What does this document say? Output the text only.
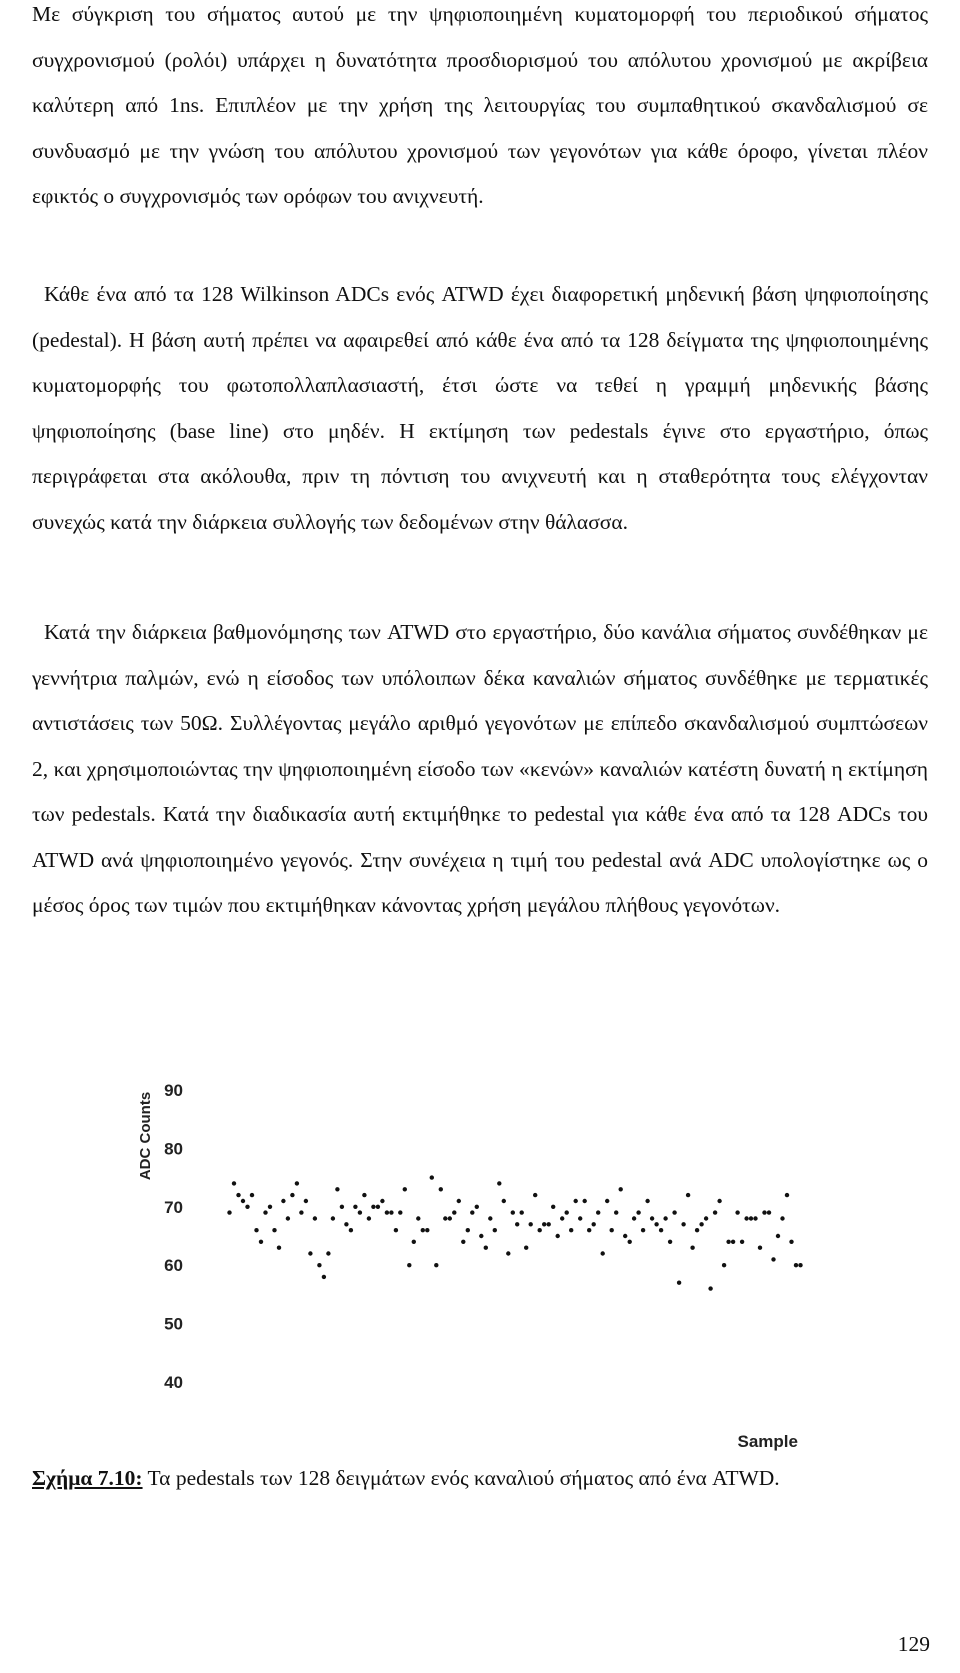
Με σύγκριση του σήματος αυτού με την ψηφιοποιημένη κυματομορφή του περιοδικού σήματος συγχρονισμού (ρολόι) υπάρχει η δυνατότητα προσδιορισμού του απόλυτου χρονισμού με ακρίβεια καλύτερη από 1ns. Επιπλέον με την χρήση της λειτουργίας του συμπαθητικού σκανδαλισμού σε συνδυασμό με την γνώση του απόλυτου χρονισμού των γεγονότων για κάθε όροφο, γίνεται πλέον εφικτός ο συγχρονισμός των ορόφων του ανιχνευτή.

Κάθε ένα από τα 128 Wilkinson ADCs ενός ATWD έχει διαφορετική μηδενική βάση ψηφιοποίησης (pedestal). Η βάση αυτή πρέπει να αφαιρεθεί από κάθε ένα από τα 128 δείγματα της ψηφιοποιημένης κυματομορφής του φωτοπολλαπλασιαστή, έτσι ώστε να τεθεί η γραμμή μηδενικής βάσης ψηφιοποίησης (base line) στο μηδέν. Η εκτίμηση των pedestals έγινε στο εργαστήριο, όπως περιγράφεται στα ακόλουθα, πριν τη πόντιση του ανιχνευτή και η σταθερότητα τους ελέγχονταν συνεχώς κατά την διάρκεια συλλογής των δεδομένων στην θάλασσα.

Κατά την διάρκεια βαθμονόμησης των ATWD στο εργαστήριο, δύο κανάλια σήματος συνδέθηκαν με γεννήτρια παλμών, ενώ η είσοδος των υπόλοιπων δέκα καναλιών σήματος συνδέθηκε με τερματικές αντιστάσεις των 50Ω. Συλλέγοντας μεγάλο αριθμό γεγονότων με επίπεδο σκανδαλισμού συμπτώσεων 2, και χρησιμοποιώντας την ψηφιοποιημένη είσοδο των «κενών» καναλιών κατέστη δυνατή η εκτίμηση των pedestals. Κατά την διαδικασία αυτή εκτιμήθηκε το pedestal για κάθε ένα από τα 128 ADCs του ATWD ανά ψηφιοποιημένο γεγονός. Στην συνέχεια η τιμή του pedestal ανά ADC υπολογίστηκε ως ο μέσος όρος των τιμών που εκτιμήθηκαν κάνοντας χρήση μεγάλου πλήθους γεγονότων.

40
50
60
70
80
90
ADC Counts
Sample

Σχήμα 7.10: Τα pedestals των 128 δειγμάτων ενός καναλιού σήματος από ένα ATWD.

129
